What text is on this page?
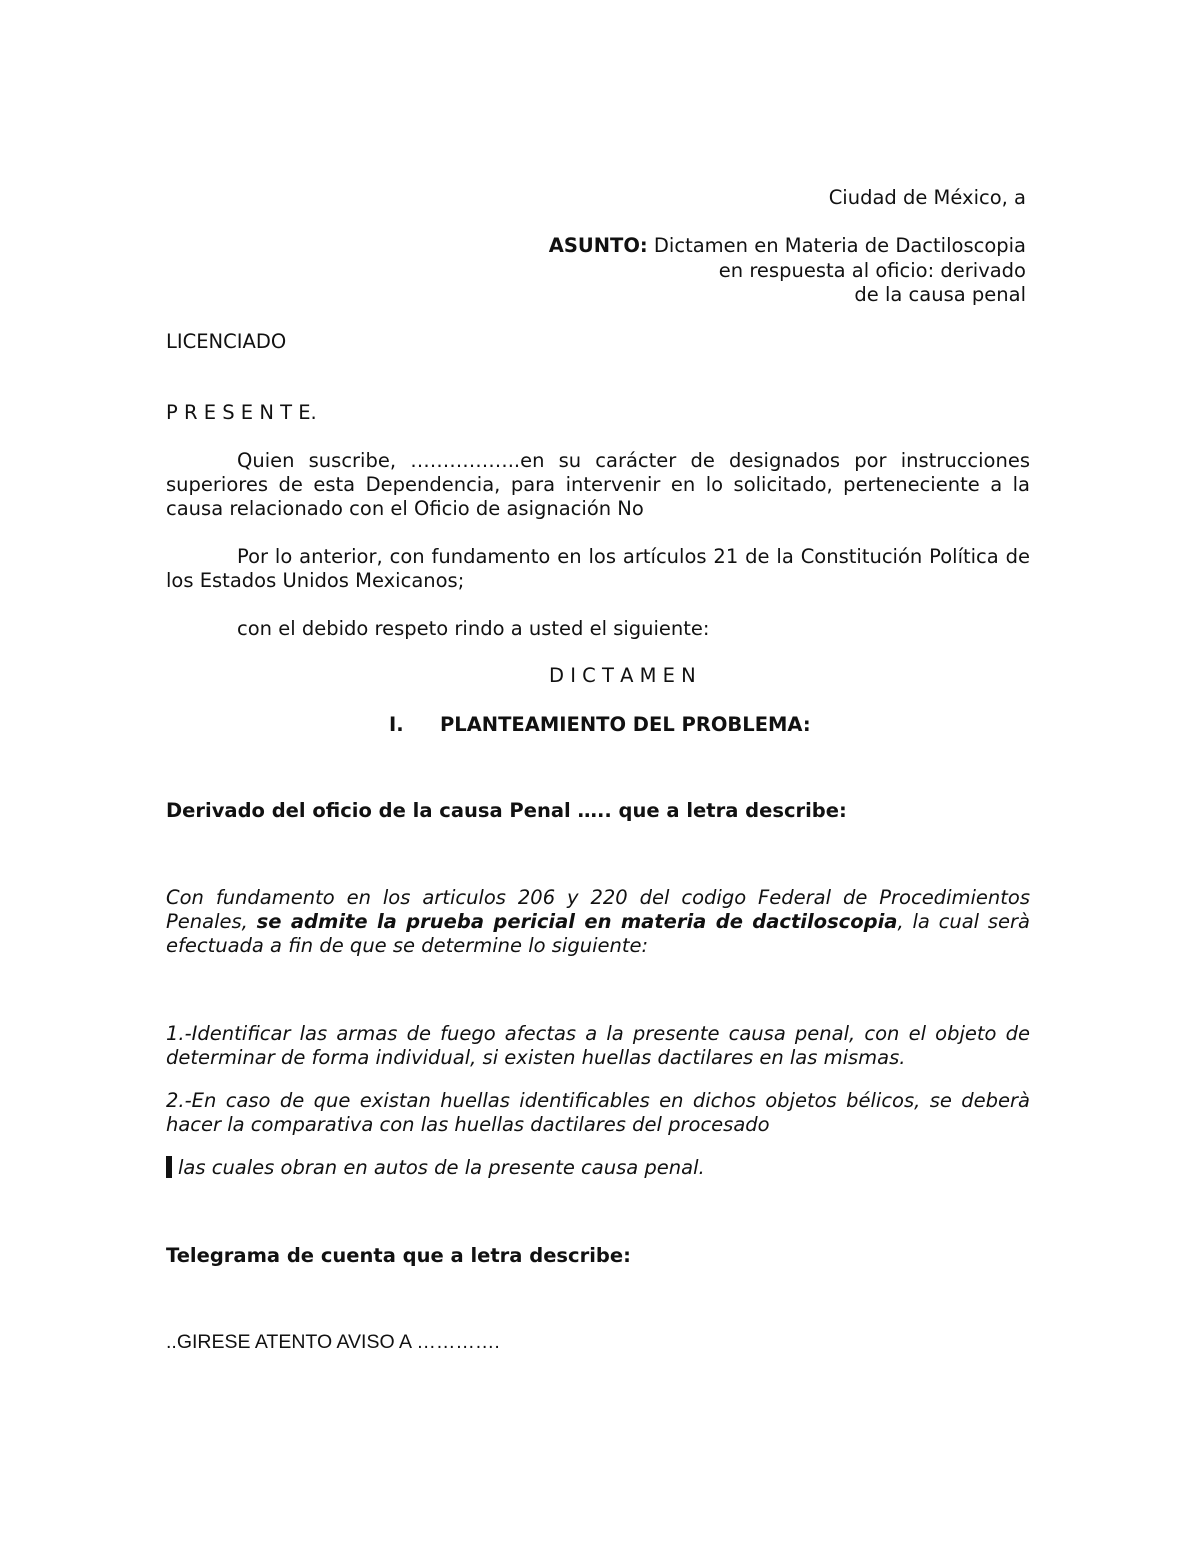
Ciudad de México, a
ASUNTO: Dictamen en Materia de Dactiloscopia
en respuesta al oficio: derivado
de la causa penal
LICENCIADO
P R E S E N T E.
Quien suscribe, ……………..en su carácter de designados por instrucciones superiores de esta Dependencia, para intervenir en lo solicitado, perteneciente a la causa relacionado con el Oficio de asignación No
Por lo anterior, con fundamento en los artículos 21 de la Constitución Política de los Estados Unidos Mexicanos;
con el debido respeto rindo a usted el siguiente:
D I C T A M E N
I. PLANTEAMIENTO DEL PROBLEMA:
Derivado del oficio de la causa Penal ….. que a letra describe:
Con fundamento en los articulos 206 y 220 del codigo Federal de Procedimientos Penales, se admite la prueba pericial en materia de dactiloscopia, la cual serà efectuada a fin de que se determine lo siguiente:
1.-Identificar las armas de fuego afectas a la presente causa penal, con el objeto de determinar de forma individual, si existen huellas dactilares en las mismas.
2.-En caso de que existan huellas identificables en dichos objetos bélicos, se deberà hacer la comparativa con las huellas dactilares del procesado
las cuales obran en autos de la presente causa penal.
Telegrama de cuenta que a letra describe:
..GIRESE ATENTO AVISO A ………….
